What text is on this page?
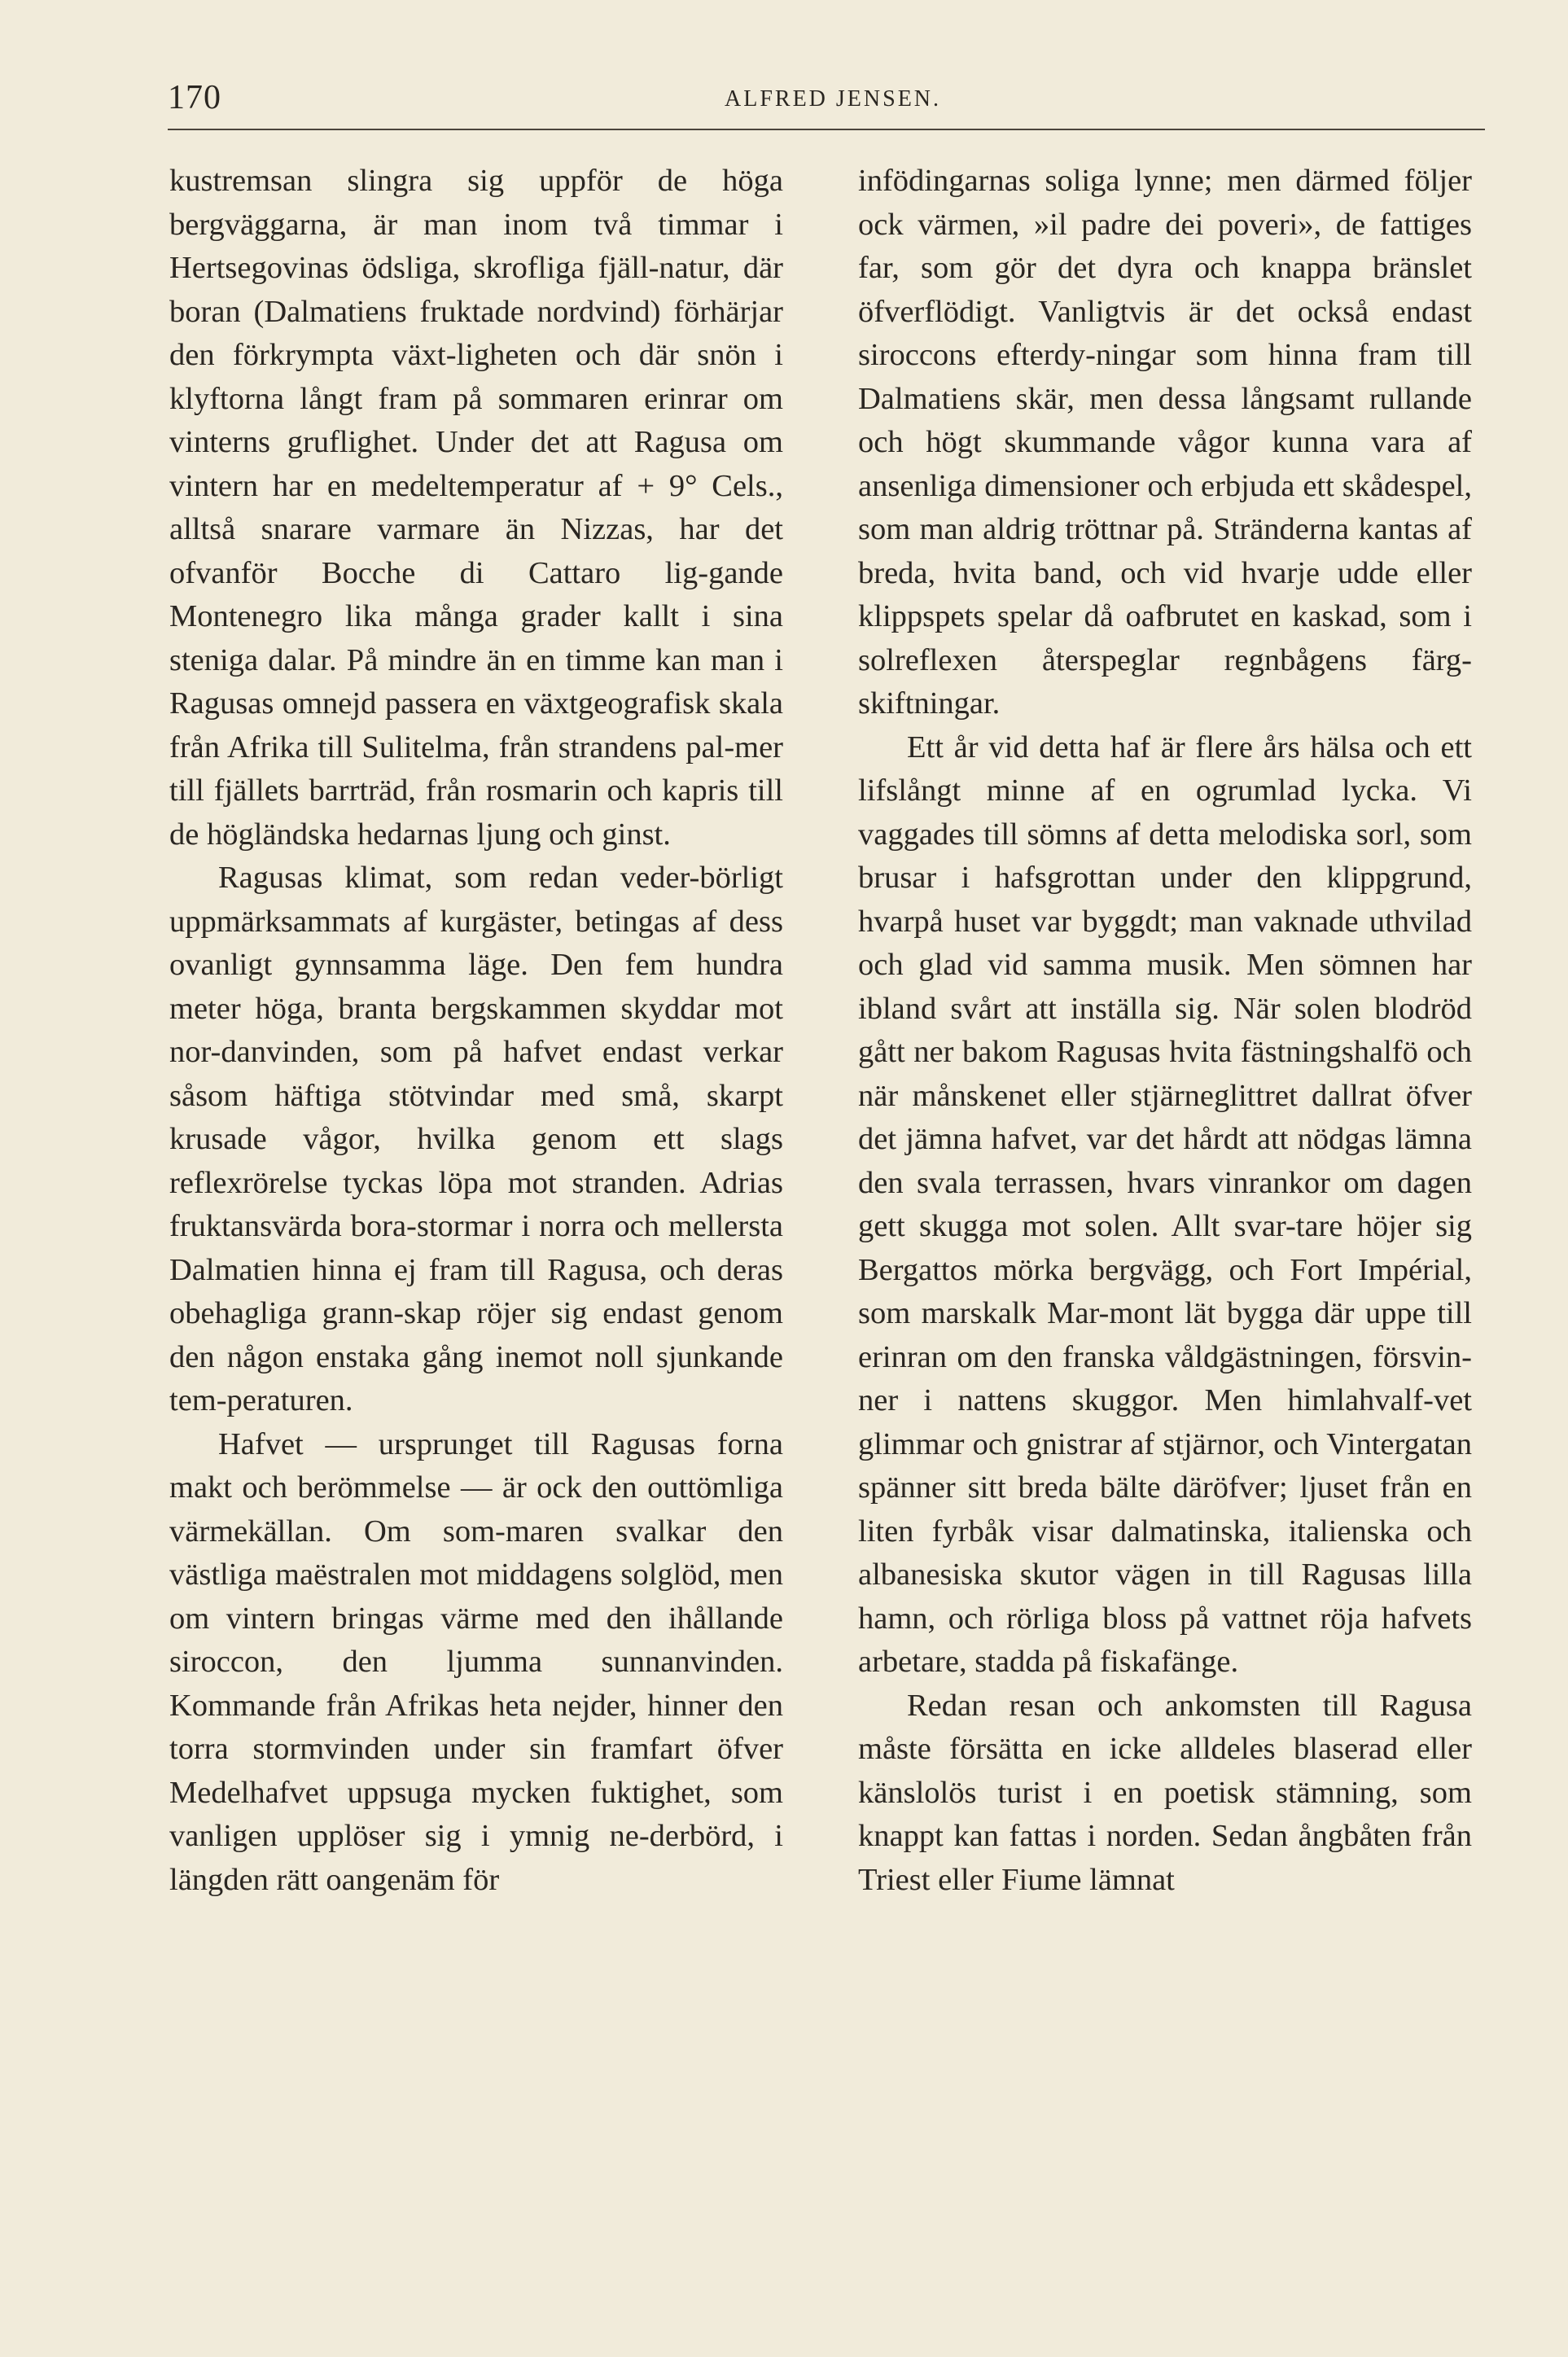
170	ALFRED JENSEN.

kustremsan slingra sig uppför de höga bergväggarna, är man inom två timmar i Hertsegovinas ödsliga, skrofliga fjäll-natur, där boran (Dalmatiens fruktade nordvind) förhärjar den förkrympta växt-ligheten och där snön i klyftorna långt fram på sommaren erinrar om vinterns gruflighet. Under det att Ragusa om vintern har en medeltemperatur af + 9° Cels., alltså snarare varmare än Nizzas, har det ofvanför Bocche di Cattaro lig-gande Montenegro lika många grader kallt i sina steniga dalar. På mindre än en timme kan man i Ragusas omnejd passera en växtgeografisk skala från Afrika till Sulitelma, från strandens pal-mer till fjällets barrträd, från rosmarin och kapris till de högländska hedarnas ljung och ginst.

Ragusas klimat, som redan veder-börligt uppmärksammats af kurgäster, betingas af dess ovanligt gynnsamma läge. Den fem hundra meter höga, branta bergskammen skyddar mot nor-danvinden, som på hafvet endast verkar såsom häftiga stötvindar med små, skarpt krusade vågor, hvilka genom ett slags reflexrörelse tyckas löpa mot stranden. Adrias fruktansvärda bora-stormar i norra och mellersta Dalmatien hinna ej fram till Ragusa, och deras obehagliga grann-skap röjer sig endast genom den någon enstaka gång inemot noll sjunkande tem-peraturen.

Hafvet — ursprunget till Ragusas forna makt och berömmelse — är ock den outtömliga värmekällan. Om som-maren svalkar den västliga maëstralen mot middagens solglöd, men om vintern bringas värme med den ihållande siroccon, den ljumma sunnanvinden. Kommande från Afrikas heta nejder, hinner den torra stormvinden under sin framfart öfver Medelhafvet uppsuga mycken fuktighet, som vanligen upplöser sig i ymnig ne-derbörd, i längden rätt oangenäm för

infödingarnas soliga lynne; men därmed följer ock värmen, »il padre dei poveri», de fattiges far, som gör det dyra och knappa bränslet öfverflödigt. Vanligtvis är det också endast siroccons efterdy-ningar som hinna fram till Dalmatiens skär, men dessa långsamt rullande och högt skummande vågor kunna vara af ansenliga dimensioner och erbjuda ett skådespel, som man aldrig tröttnar på. Stränderna kantas af breda, hvita band, och vid hvarje udde eller klippspets spelar då oafbrutet en kaskad, som i solreflexen återspeglar regnbågens färg-skiftningar.

Ett år vid detta haf är flere års hälsa och ett lifslångt minne af en ogrumlad lycka. Vi vaggades till sömns af detta melodiska sorl, som brusar i hafsgrottan under den klippgrund, hvarpå huset var byggdt; man vaknade uthvilad och glad vid samma musik. Men sömnen har ibland svårt att inställa sig. När solen blodröd gått ner bakom Ragusas hvita fästningshalfö och när månskenet eller stjärneglittret dallrat öfver det jämna hafvet, var det hårdt att nödgas lämna den svala terrassen, hvars vinrankor om dagen gett skugga mot solen. Allt svar-tare höjer sig Bergattos mörka bergvägg, och Fort Impérial, som marskalk Mar-mont lät bygga där uppe till erinran om den franska våldgästningen, försvin-ner i nattens skuggor. Men himlahvalf-vet glimmar och gnistrar af stjärnor, och Vintergatan spänner sitt breda bälte däröfver; ljuset från en liten fyrbåk visar dalmatinska, italienska och albanesiska skutor vägen in till Ragusas lilla hamn, och rörliga bloss på vattnet röja hafvets arbetare, stadda på fiskafänge.

Redan resan och ankomsten till Ragusa måste försätta en icke alldeles blaserad eller känslolös turist i en poetisk stämning, som knappt kan fattas i norden. Sedan ångbåten från Triest eller Fiume lämnat
